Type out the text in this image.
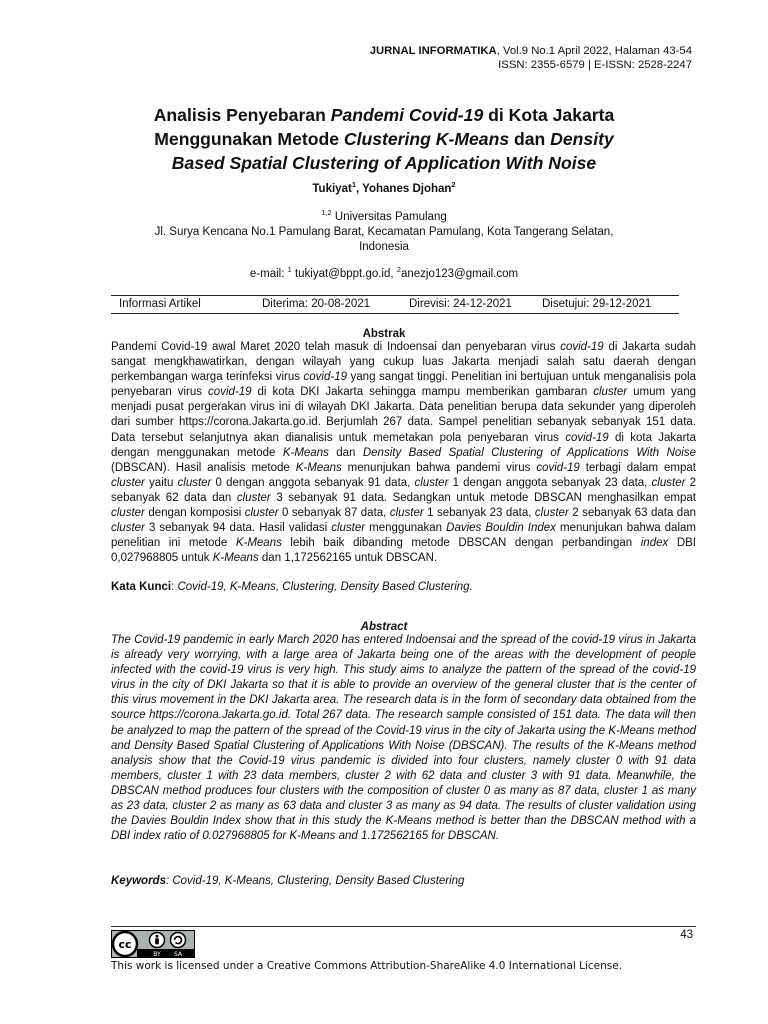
JURNAL INFORMATIKA, Vol.9 No.1 April 2022, Halaman 43-54
ISSN: 2355-6579 | E-ISSN: 2528-2247
Analisis Penyebaran Pandemi Covid-19 di Kota Jakarta
Menggunakan Metode Clustering K-Means dan Density
Based Spatial Clustering of Application With Noise
Tukiyat$^1$, Yohanes Djohan$^2$
$^{1,2}$ Universitas Pamulang
Jl. Surya Kencana No.1 Pamulang Barat, Kecamatan Pamulang, Kota Tangerang Selatan, Indonesia
e-mail: $^1$ tukiyat@bppt.go.id, $^2$anezjo123@gmail.com
Informasi Artikel	Diterima: 20-08-2021	Direvisi: 24-12-2021	Disetujui: 29-12-2021
Abstrak
Pandemi Covid-19 awal Maret 2020 telah masuk di Indoensai dan penyebaran virus covid-19 di Jakarta sudah sangat mengkhawatirkan, dengan wilayah yang cukup luas Jakarta menjadi salah satu daerah dengan perkembangan warga terinfeksi virus covid-19 yang sangat tinggi. Penelitian ini bertujuan untuk menganalisis pola penyebaran virus covid-19 di kota DKI Jakarta sehingga mampu memberikan gambaran cluster umum yang menjadi pusat pergerakan virus ini di wilayah DKI Jakarta. Data penelitian berupa data sekunder yang diperoleh dari sumber https://corona.Jakarta.go.id. Berjumlah 267 data. Sampel penelitian sebanyak sebanyak 151 data. Data tersebut selanjutnya akan dianalisis untuk memetakan pola penyebaran virus covid-19 di kota Jakarta dengan menggunakan metode K-Means dan Density Based Spatial Clustering of Applications With Noise (DBSCAN). Hasil analisis metode K-Means menunjukan bahwa pandemi virus covid-19 terbagi dalam empat cluster yaitu cluster 0 dengan anggota sebanyak 91 data, cluster 1 dengan anggota sebanyak 23 data, cluster 2 sebanyak 62 data dan cluster 3 sebanyak 91 data. Sedangkan untuk metode DBSCAN menghasilkan empat cluster dengan komposisi cluster 0 sebanyak 87 data, cluster 1 sebanyak 23 data, cluster 2 sebanyak 63 data dan cluster 3 sebanyak 94 data. Hasil validasi cluster menggunakan Davies Bouldin Index menunjukan bahwa dalam penelitian ini metode K-Means lebih baik dibanding metode DBSCAN dengan perbandingan index DBI 0,027968805 untuk K-Means dan 1,172562165 untuk DBSCAN.
Kata Kunci: Covid-19, K-Means, Clustering, Density Based Clustering.
Abstract
The Covid-19 pandemic in early March 2020 has entered Indoensai and the spread of the covid-19 virus in Jakarta is already very worrying, with a large area of Jakarta being one of the areas with the development of people infected with the covid-19 virus is very high. This study aims to analyze the pattern of the spread of the covid-19 virus in the city of DKI Jakarta so that it is able to provide an overview of the general cluster that is the center of this virus movement in the DKI Jakarta area. The research data is in the form of secondary data obtained from the source https://corona.Jakarta.go.id. Total 267 data. The research sample consisted of 151 data. The data will then be analyzed to map the pattern of the spread of the Covid-19 virus in the city of Jakarta using the K-Means method and Density Based Spatial Clustering of Applications With Noise (DBSCAN). The results of the K-Means method analysis show that the Covid-19 virus pandemic is divided into four clusters, namely cluster 0 with 91 data members, cluster 1 with 23 data members, cluster 2 with 62 data and cluster 3 with 91 data. Meanwhile, the DBSCAN method produces four clusters with the composition of cluster 0 as many as 87 data, cluster 1 as many as 23 data, cluster 2 as many as 63 data and cluster 3 as many as 94 data. The results of cluster validation using the Davies Bouldin Index show that in this study the K-Means method is better than the DBSCAN method with a DBI index ratio of 0.027968805 for K-Means and 1.172562165 for DBSCAN.
Keywords: Covid-19, K-Means, Clustering, Density Based Clustering
43
cc
BY SA
This work is licensed under a Creative Commons Attribution-ShareAlike 4.0 International License.
